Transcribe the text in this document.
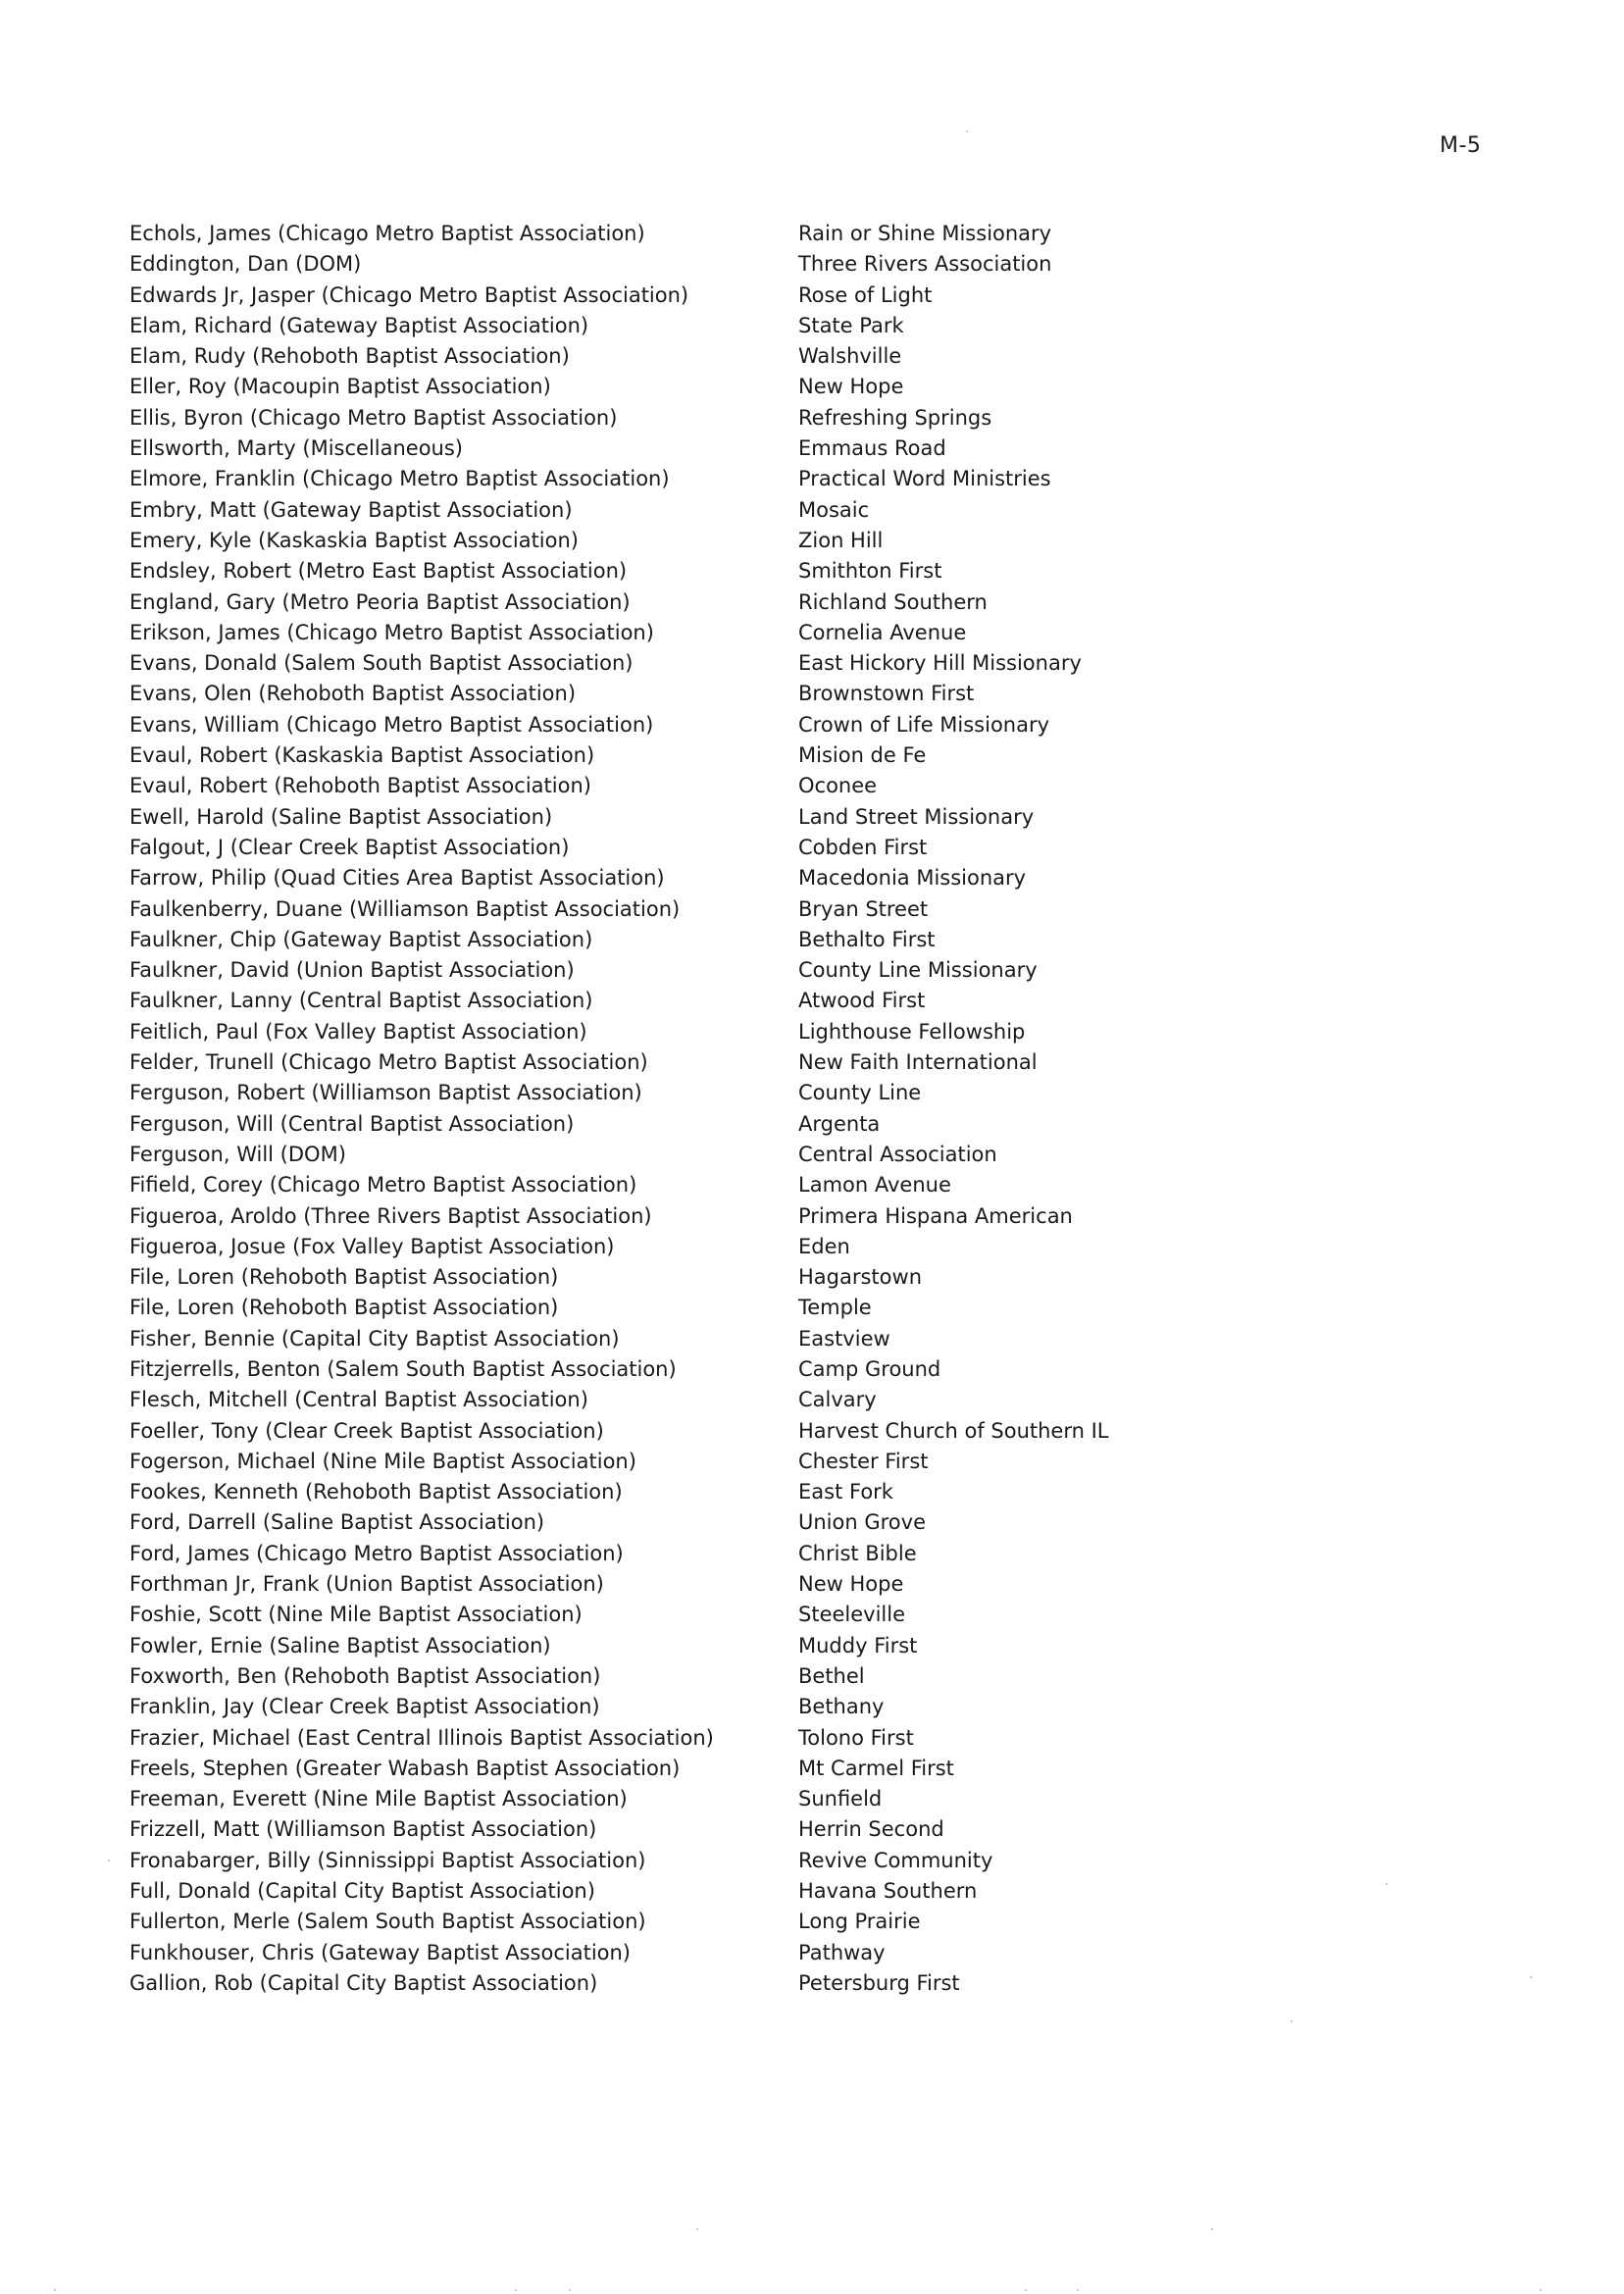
M-5
Echols, James (Chicago Metro Baptist Association)
Eddington, Dan (DOM)
Edwards Jr, Jasper (Chicago Metro Baptist Association)
Elam, Richard (Gateway Baptist Association)
Elam, Rudy (Rehoboth Baptist Association)
Eller, Roy (Macoupin Baptist Association)
Ellis, Byron (Chicago Metro Baptist Association)
Ellsworth, Marty (Miscellaneous)
Elmore, Franklin (Chicago Metro Baptist Association)
Embry, Matt (Gateway Baptist Association)
Emery, Kyle (Kaskaskia Baptist Association)
Endsley, Robert (Metro East Baptist Association)
England, Gary (Metro Peoria Baptist Association)
Erikson, James (Chicago Metro Baptist Association)
Evans, Donald (Salem South Baptist Association)
Evans, Olen (Rehoboth Baptist Association)
Evans, William (Chicago Metro Baptist Association)
Evaul, Robert (Kaskaskia Baptist Association)
Evaul, Robert (Rehoboth Baptist Association)
Ewell, Harold (Saline Baptist Association)
Falgout, J (Clear Creek Baptist Association)
Farrow, Philip (Quad Cities Area Baptist Association)
Faulkenberry, Duane (Williamson Baptist Association)
Faulkner, Chip (Gateway Baptist Association)
Faulkner, David (Union Baptist Association)
Faulkner, Lanny (Central Baptist Association)
Feitlich, Paul (Fox Valley Baptist Association)
Felder, Trunell (Chicago Metro Baptist Association)
Ferguson, Robert (Williamson Baptist Association)
Ferguson, Will (Central Baptist Association)
Ferguson, Will (DOM)
Fifield, Corey (Chicago Metro Baptist Association)
Figueroa, Aroldo (Three Rivers Baptist Association)
Figueroa, Josue (Fox Valley Baptist Association)
File, Loren (Rehoboth Baptist Association)
File, Loren (Rehoboth Baptist Association)
Fisher, Bennie (Capital City Baptist Association)
Fitzjerrells, Benton (Salem South Baptist Association)
Flesch, Mitchell (Central Baptist Association)
Foeller, Tony (Clear Creek Baptist Association)
Fogerson, Michael (Nine Mile Baptist Association)
Fookes, Kenneth (Rehoboth Baptist Association)
Ford, Darrell (Saline Baptist Association)
Ford, James (Chicago Metro Baptist Association)
Forthman Jr, Frank (Union Baptist Association)
Foshie, Scott (Nine Mile Baptist Association)
Fowler, Ernie (Saline Baptist Association)
Foxworth, Ben (Rehoboth Baptist Association)
Franklin, Jay (Clear Creek Baptist Association)
Frazier, Michael (East Central Illinois Baptist Association)
Freels, Stephen (Greater Wabash Baptist Association)
Freeman, Everett (Nine Mile Baptist Association)
Frizzell, Matt (Williamson Baptist Association)
Fronabarger, Billy (Sinnissippi Baptist Association)
Full, Donald (Capital City Baptist Association)
Fullerton, Merle (Salem South Baptist Association)
Funkhouser, Chris (Gateway Baptist Association)
Gallion, Rob (Capital City Baptist Association)
Rain or Shine Missionary
Three Rivers Association
Rose of Light
State Park
Walshville
New Hope
Refreshing Springs
Emmaus Road
Practical Word Ministries
Mosaic
Zion Hill
Smithton First
Richland Southern
Cornelia Avenue
East Hickory Hill Missionary
Brownstown First
Crown of Life Missionary
Mision de Fe
Oconee
Land Street Missionary
Cobden First
Macedonia Missionary
Bryan Street
Bethalto First
County Line Missionary
Atwood First
Lighthouse Fellowship
New Faith International
County Line
Argenta
Central Association
Lamon Avenue
Primera Hispana American
Eden
Hagarstown
Temple
Eastview
Camp Ground
Calvary
Harvest Church of Southern IL
Chester First
East Fork
Union Grove
Christ Bible
New Hope
Steeleville
Muddy First
Bethel
Bethany
Tolono First
Mt Carmel First
Sunfield
Herrin Second
Revive Community
Havana Southern
Long Prairie
Pathway
Petersburg First
